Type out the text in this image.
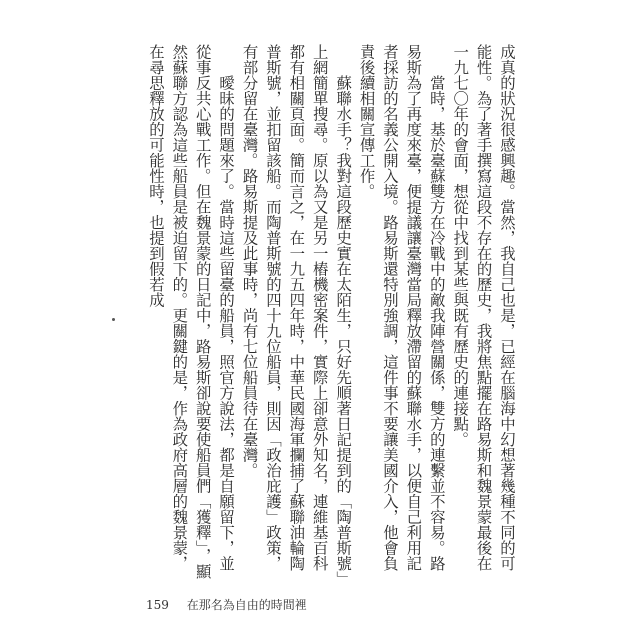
成真的狀況很感興趣。當然，我自己也是，已經在腦海中幻想著幾種不同的可能性。為了著手撰寫這段不存在的歷史，我將焦點擺在路易斯和魏景蒙最後在一九七〇年的會面，想從中找到某些與既有歷史的連接點。

當時，基於臺蘇雙方在冷戰中的敵我陣營關係，雙方的連繫並不容易。路易斯為了再度來臺，便提議讓臺灣當局釋放滯留的蘇聯水手，以便自己利用記者採訪的名義公開入境。路易斯還特別強調，這件事不要讓美國介入，他會負責後續相關宣傳工作。

蘇聯水手？我對這段歷史實在太陌生，只好先順著日記提到的「陶普斯號」上網簡單搜尋。原以為又是另一樁機密案件，實際上卻意外知名，連維基百科都有相關頁面。簡而言之，在一九五四年時，中華民國海軍攔捕了蘇聯油輪陶普斯號，並扣留該船。而陶普斯號的四十九位船員，則因「政治庇護」政策，有部分留在臺灣。路易斯提及此事時，尚有七位船員待在臺灣。

曖昧的問題來了。當時這些留臺的船員，照官方說法，都是自願留下，並從事反共心戰工作。但在魏景蒙的日記中，路易斯卻說要使船員們「獲釋」，顯然蘇聯方認為這些船員是被迫留下的。更關鍵的是，作為政府高層的魏景蒙，在尋思釋放的可能性時，也提到假若成

159 在那名為自由的時間裡
